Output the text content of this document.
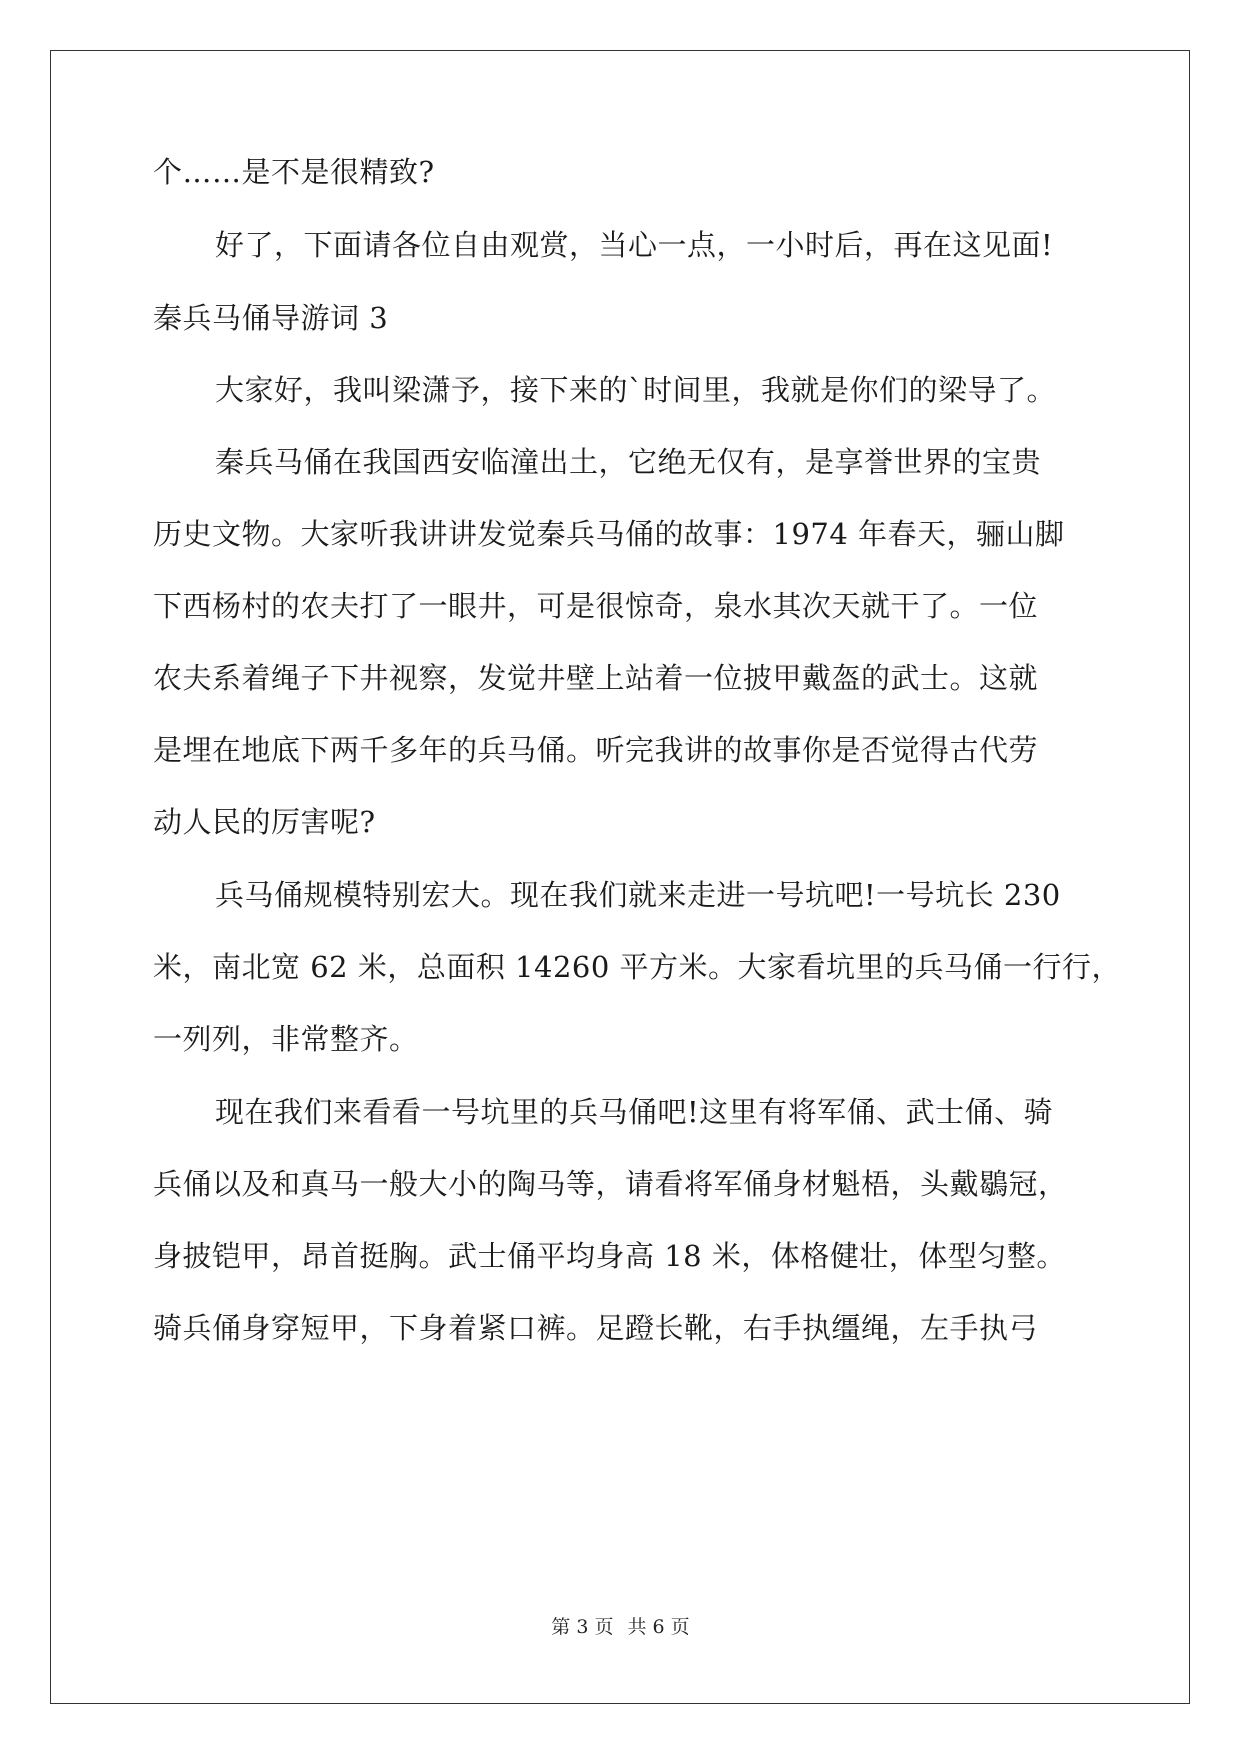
个……是不是很精致?
好了，下面请各位自由观赏，当心一点，一小时后，再在这见面!
秦兵马俑导游词 3
大家好，我叫梁潇予，接下来的`时间里，我就是你们的梁导了。
秦兵马俑在我国西安临潼出土，它绝无仅有，是享誉世界的宝贵
历史文物。大家听我讲讲发觉秦兵马俑的故事：1974 年春天，骊山脚
下西杨村的农夫打了一眼井，可是很惊奇，泉水其次天就干了。一位
农夫系着绳子下井视察，发觉井壁上站着一位披甲戴盔的武士。这就
是埋在地底下两千多年的兵马俑。听完我讲的故事你是否觉得古代劳
动人民的厉害呢?
兵马俑规模特别宏大。现在我们就来走进一号坑吧!一号坑长 230
米，南北宽 62 米，总面积 14260 平方米。大家看坑里的兵马俑一行行，
一列列，非常整齐。
现在我们来看看一号坑里的兵马俑吧!这里有将军俑、武士俑、骑
兵俑以及和真马一般大小的陶马等，请看将军俑身材魁梧，头戴鶡冠，
身披铠甲，昂首挺胸。武士俑平均身高 18 米，体格健壮，体型匀整。
骑兵俑身穿短甲，下身着紧口裤。足蹬长靴，右手执缰绳，左手执弓
第 3 页 共 6 页
